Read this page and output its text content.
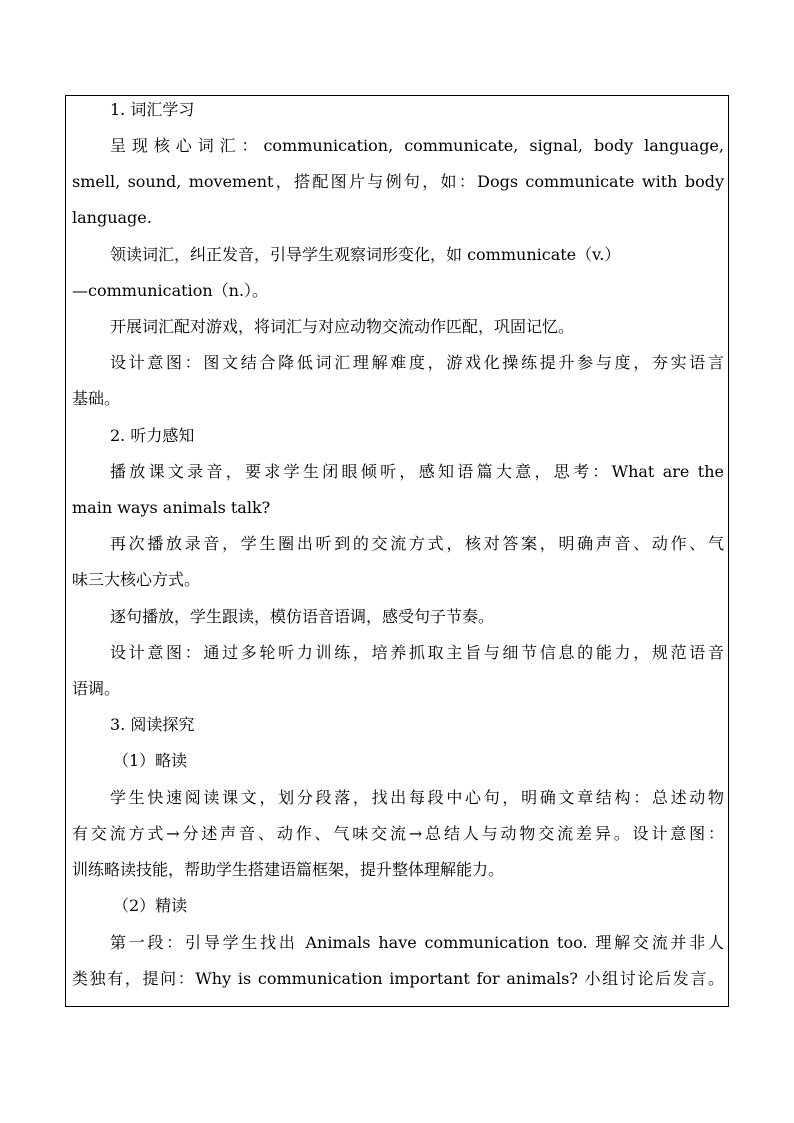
1. 词汇学习
呈现核心词汇：communication, communicate, signal, body language,
smell, sound, movement，搭配图片与例句，如：Dogs communicate with body
language.
领读词汇，纠正发音，引导学生观察词形变化，如 communicate（v.）
—communication（n.）。
开展词汇配对游戏，将词汇与对应动物交流动作匹配，巩固记忆。
设计意图：图文结合降低词汇理解难度，游戏化操练提升参与度，夯实语言
基础。
2. 听力感知
播放课文录音，要求学生闭眼倾听，感知语篇大意，思考：What are the
main ways animals talk?
再次播放录音，学生圈出听到的交流方式，核对答案，明确声音、动作、气
味三大核心方式。
逐句播放，学生跟读，模仿语音语调，感受句子节奏。
设计意图：通过多轮听力训练，培养抓取主旨与细节信息的能力，规范语音
语调。
3. 阅读探究
（1）略读
学生快速阅读课文，划分段落，找出每段中心句，明确文章结构：总述动物
有交流方式→分述声音、动作、气味交流→总结人与动物交流差异。设计意图：
训练略读技能，帮助学生搭建语篇框架，提升整体理解能力。
（2）精读
第一段：引导学生找出 Animals have communication too. 理解交流并非人
类独有，提问：Why is communication important for animals? 小组讨论后发言。
